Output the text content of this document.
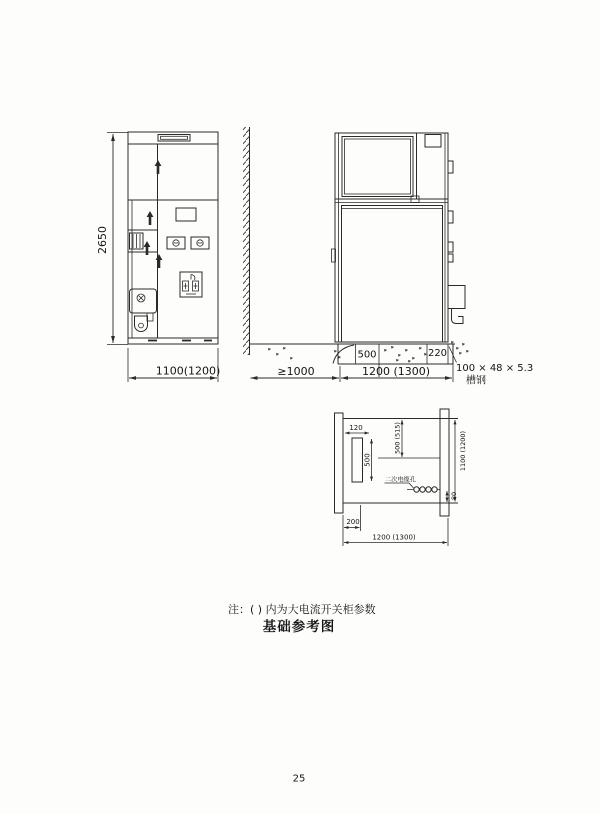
2650
1100(1200)
500	220
≥1000	1200 (1300)	100 × 48 × 5.3
槽钢
120
500
500 (515)	1100 (1200)
二次电缆孔
80
200
1200 (1300)
注：( ) 内为大电流开关柜参数
基础参考图
25
